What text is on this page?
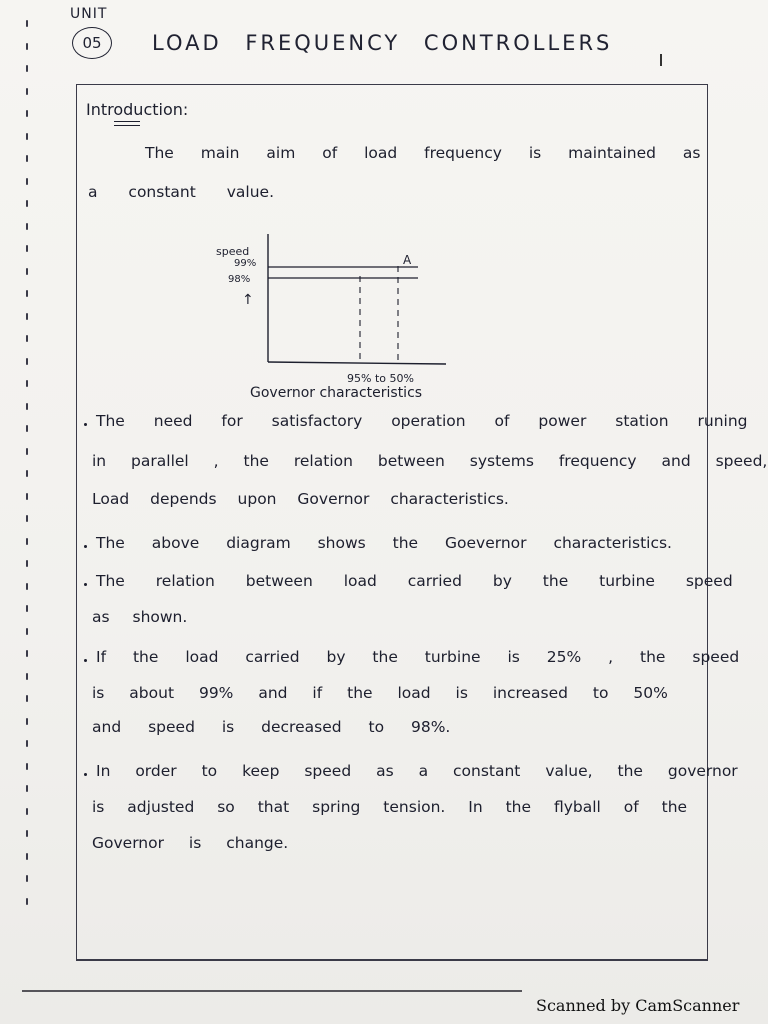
UNIT
05	LOAD FREQUENCY CONTROLLERS
Introduction:
The main aim of load frequency is maintained as
a constant value.
speed
99%
98%
↑
A
95% to 50%
Governor characteristics
The need for satisfactory operation of power station runing
in parallel , the relation between systems frequency and speed,
Load depends upon Governor characteristics.
The above diagram shows the Goevernor characteristics.
The relation between load carried by the turbine speed
as shown.
If the load carried by the turbine is 25% , the speed
is about 99% and if the load is increased to 50%
and speed is decreased to 98%.
In order to keep speed as a constant value, the governor
is adjusted so that spring tension. In the flyball of the
Governor is change.
Scanned by CamScanner
